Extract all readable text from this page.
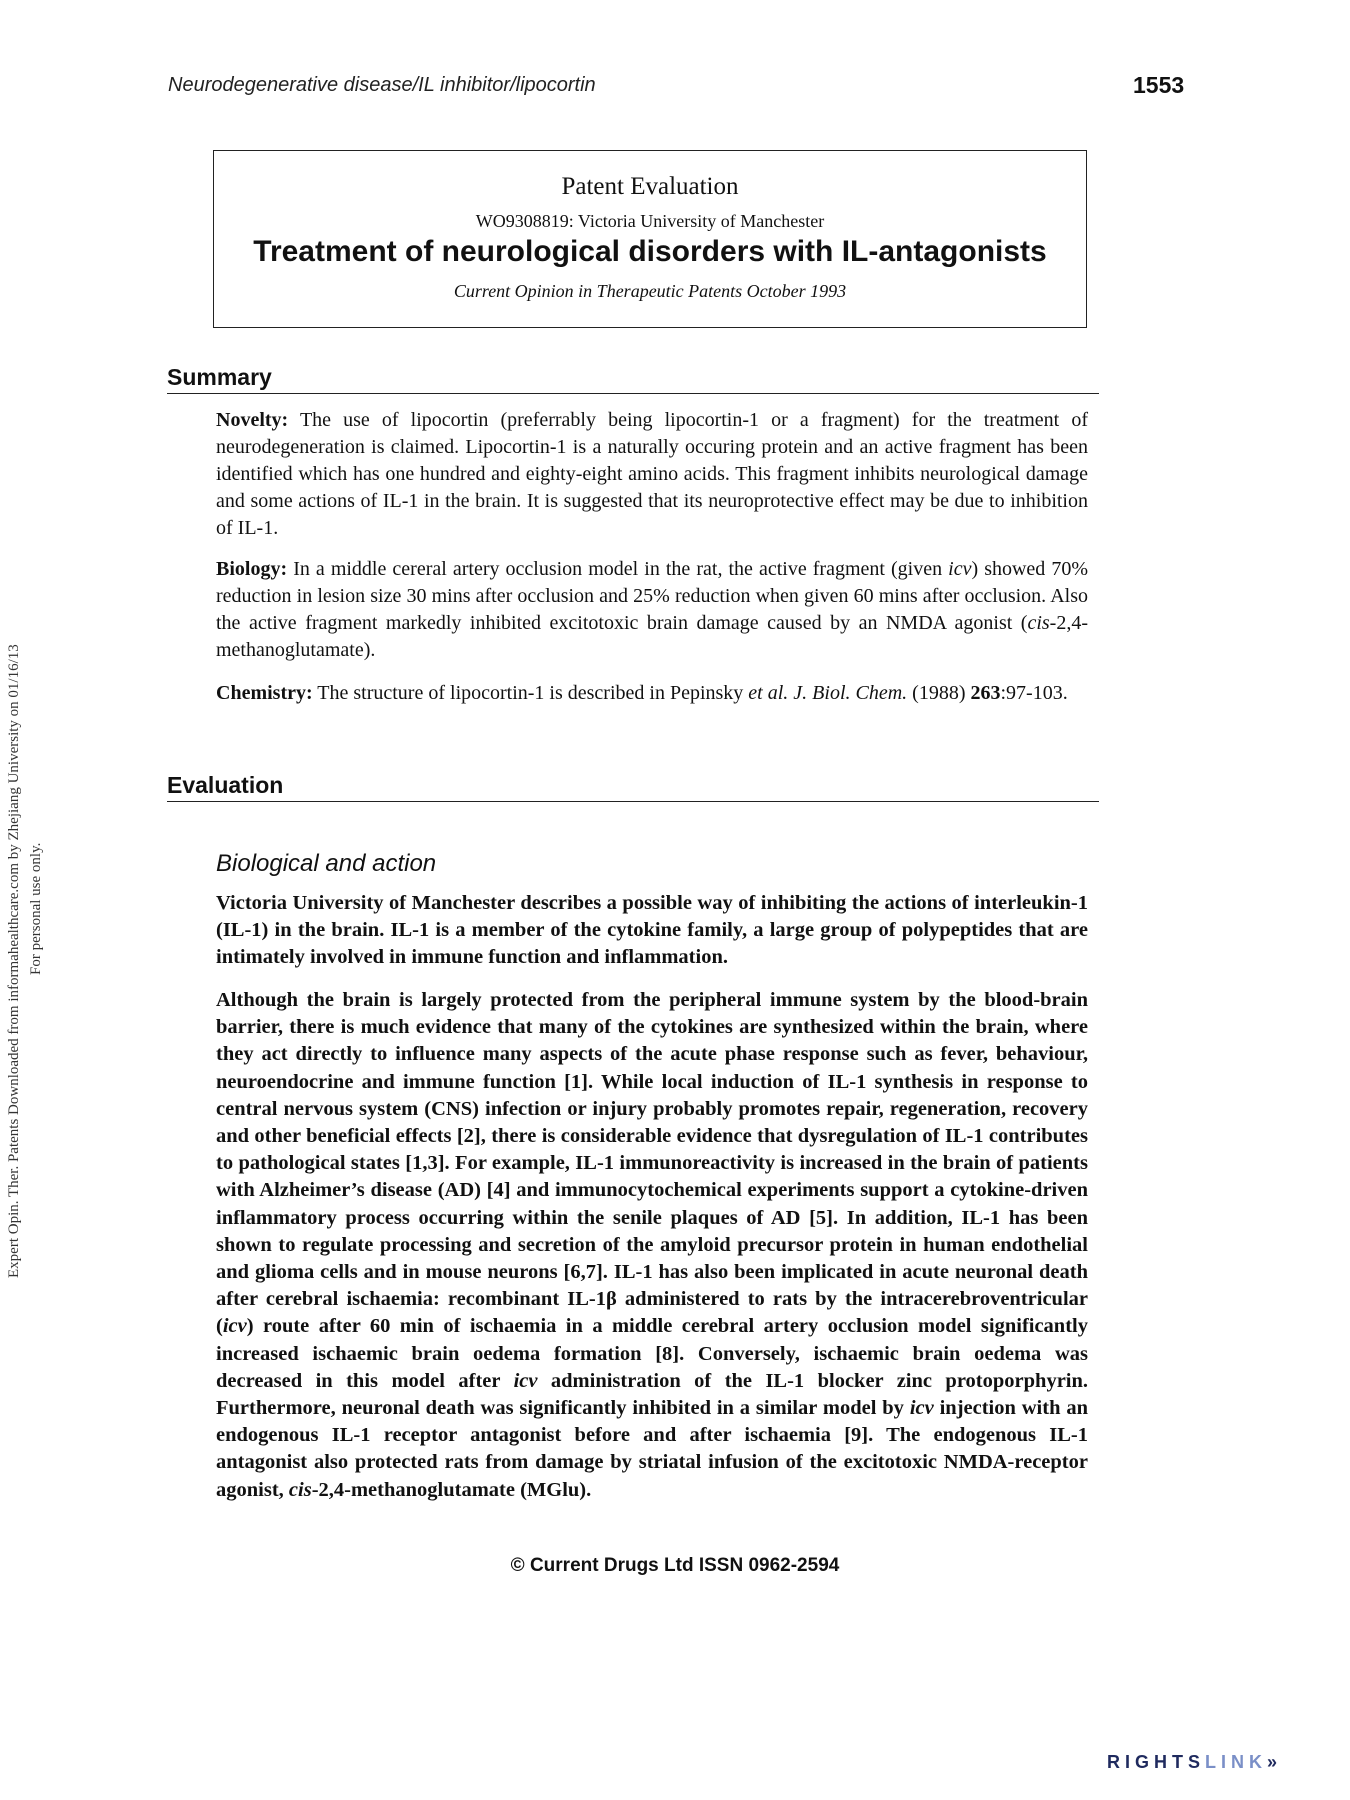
Neurodegenerative disease/IL inhibitor/lipocortin	1553
Expert Opin. Ther. Patents Downloaded from informahealthcare.com by Zhejiang University on 01/16/13 For personal use only.
Patent Evaluation
WO9308819: Victoria University of Manchester
Treatment of neurological disorders with IL-antagonists
Current Opinion in Therapeutic Patents October 1993
Summary
Novelty: The use of lipocortin (preferrably being lipocortin-1 or a fragment) for the treatment of neurodegeneration is claimed. Lipocortin-1 is a naturally occuring protein and an active fragment has been identified which has one hundred and eighty-eight amino acids. This fragment inhibits neurological damage and some actions of IL-1 in the brain. It is suggested that its neuroprotective effect may be due to inhibition of IL-1.
Biology: In a middle cereral artery occlusion model in the rat, the active fragment (given icv) showed 70% reduction in lesion size 30 mins after occlusion and 25% reduction when given 60 mins after occlusion. Also the active fragment markedly inhibited excitotoxic brain damage caused by an NMDA agonist (cis-2,4-methanoglutamate).
Chemistry: The structure of lipocortin-1 is described in Pepinsky et al. J. Biol. Chem. (1988) 263:97-103.
Evaluation
Biological and action
Victoria University of Manchester describes a possible way of inhibiting the actions of interleukin-1 (IL-1) in the brain. IL-1 is a member of the cytokine family, a large group of polypeptides that are intimately involved in immune function and inflammation.
Although the brain is largely protected from the peripheral immune system by the blood-brain barrier, there is much evidence that many of the cytokines are synthesized within the brain, where they act directly to influence many aspects of the acute phase response such as fever, behaviour, neuroendocrine and immune function [1]. While local induction of IL-1 synthesis in response to central nervous system (CNS) infection or injury probably promotes repair, regeneration, recovery and other beneficial effects [2], there is considerable evidence that dysregulation of IL-1 contributes to pathological states [1,3]. For example, IL-1 immunoreactivity is increased in the brain of patients with Alzheimer’s disease (AD) [4] and immunocytochemical experiments support a cytokine-driven inflammatory process occurring within the senile plaques of AD [5]. In addition, IL-1 has been shown to regulate processing and secretion of the amyloid precursor protein in human endothelial and glioma cells and in mouse neurons [6,7]. IL-1 has also been implicated in acute neuronal death after cerebral ischaemia: recombinant IL-1β administered to rats by the intracerebroventricular (icv) route after 60 min of ischaemia in a middle cerebral artery occlusion model significantly increased ischaemic brain oedema formation [8]. Conversely, ischaemic brain oedema was decreased in this model after icv administration of the IL-1 blocker zinc protoporphyrin. Furthermore, neuronal death was significantly inhibited in a similar model by icv injection with an endogenous IL-1 receptor antagonist before and after ischaemia [9]. The endogenous IL-1 antagonist also protected rats from damage by striatal infusion of the excitotoxic NMDA-receptor agonist, cis-2,4-methanoglutamate (MGlu).
© Current Drugs Ltd ISSN 0962-2594
RIGHTSLINK»
